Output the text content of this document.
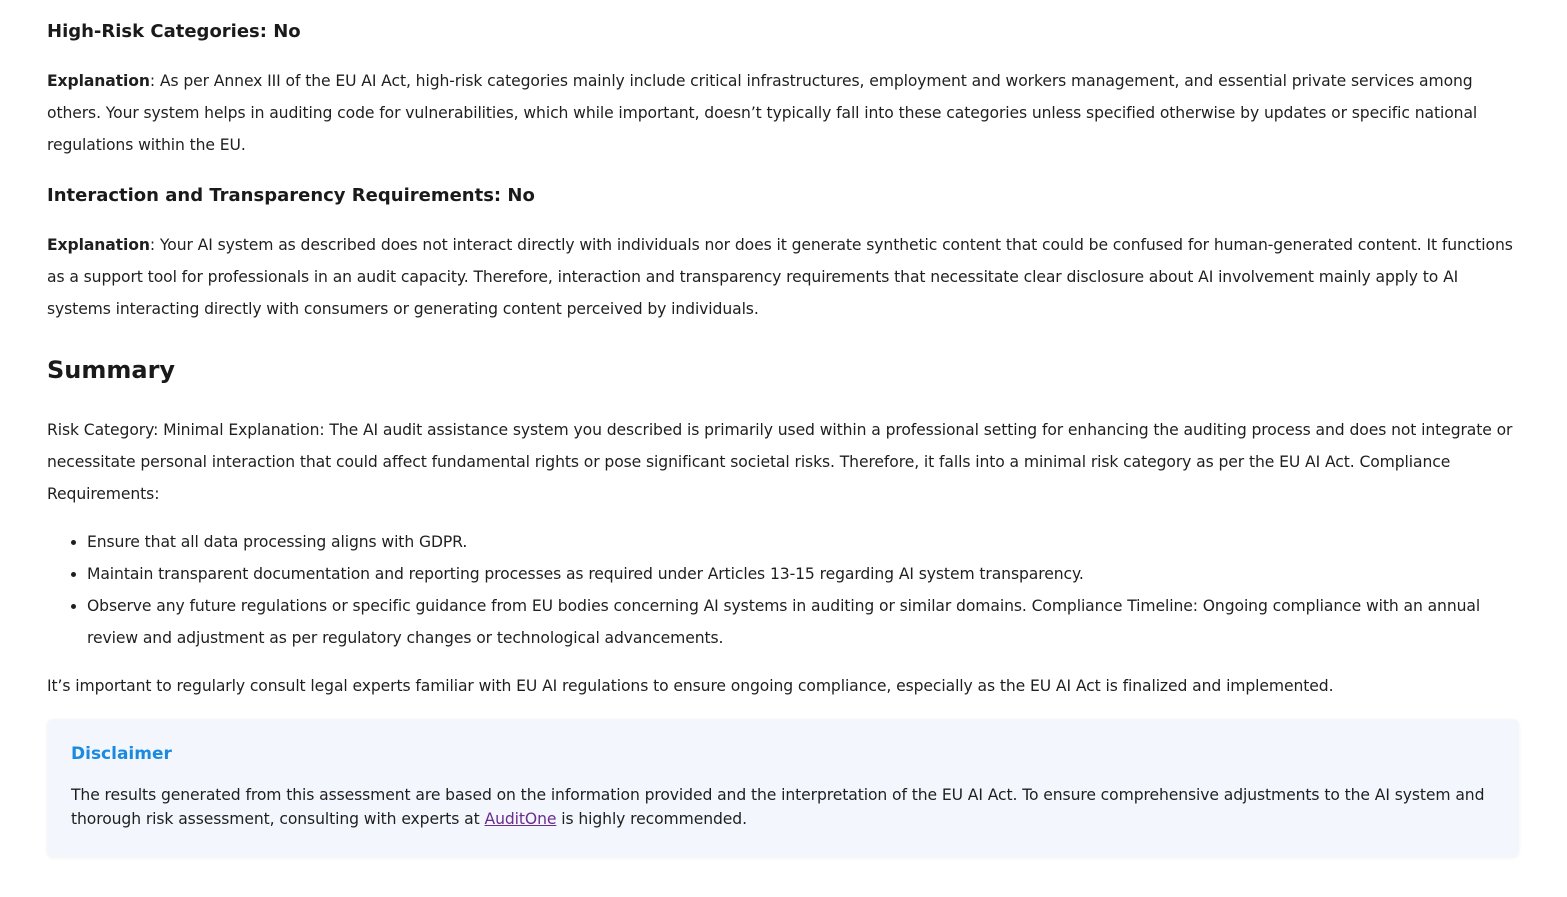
High-Risk Categories: No

Explanation: As per Annex III of the EU AI Act, high-risk categories mainly include critical infrastructures, employment and workers management, and essential private services among others. Your system helps in auditing code for vulnerabilities, which while important, doesn’t typically fall into these categories unless specified otherwise by updates or specific national regulations within the EU.

Interaction and Transparency Requirements: No

Explanation: Your AI system as described does not interact directly with individuals nor does it generate synthetic content that could be confused for human-generated content. It functions as a support tool for professionals in an audit capacity. Therefore, interaction and transparency requirements that necessitate clear disclosure about AI involvement mainly apply to AI systems interacting directly with consumers or generating content perceived by individuals.

Summary

Risk Category: Minimal Explanation: The AI audit assistance system you described is primarily used within a professional setting for enhancing the auditing process and does not integrate or necessitate personal interaction that could affect fundamental rights or pose significant societal risks. Therefore, it falls into a minimal risk category as per the EU AI Act. Compliance Requirements:

• Ensure that all data processing aligns with GDPR.
• Maintain transparent documentation and reporting processes as required under Articles 13-15 regarding AI system transparency.
• Observe any future regulations or specific guidance from EU bodies concerning AI systems in auditing or similar domains. Compliance Timeline: Ongoing compliance with an annual review and adjustment as per regulatory changes or technological advancements.

It’s important to regularly consult legal experts familiar with EU AI regulations to ensure ongoing compliance, especially as the EU AI Act is finalized and implemented.

Disclaimer

The results generated from this assessment are based on the information provided and the interpretation of the EU AI Act. To ensure comprehensive adjustments to the AI system and thorough risk assessment, consulting with experts at AuditOne is highly recommended.
